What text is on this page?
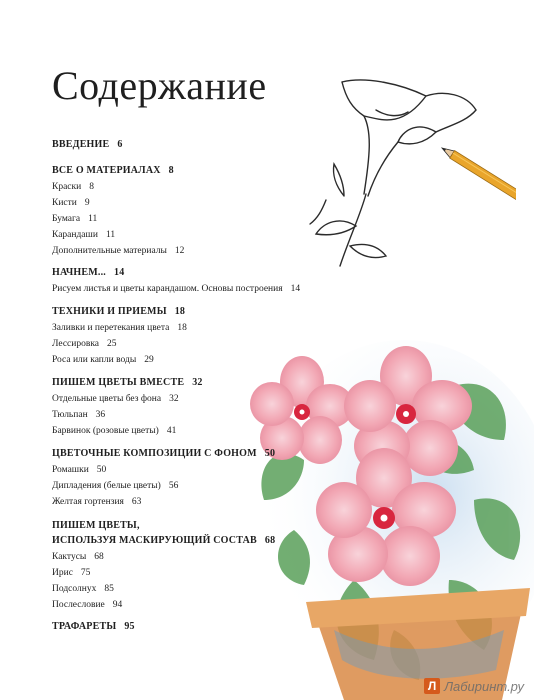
Содержание
ВВЕДЕНИЕ 6
ВСЕ О МАТЕРИАЛАХ 8
Краски 8
Кисти 9
Бумага 11
Карандаши 11
Дополнительные материалы 12
НАЧНЕМ... 14
Рисуем листья и цветы карандашом. Основы построения 14
ТЕХНИКИ И ПРИЕМЫ 18
Заливки и перетекания цвета 18
Лессировка 25
Роса или капли воды 29
ПИШЕМ ЦВЕТЫ ВМЕСТЕ 32
Отдельные цветы без фона 32
Тюльпан 36
Барвинок (розовые цветы) 41
ЦВЕТОЧНЫЕ КОМПОЗИЦИИ С ФОНОМ 50
Ромашки 50
Дипладения (белые цветы) 56
Желтая гортензия 63
ПИШЕМ ЦВЕТЫ,
ИСПОЛЬЗУЯ МАСКИРУЮЩИЙ СОСТАВ 68
Кактусы 68
Ирис 75
Подсолнух 85
Послесловие 94
ТРАФАРЕТЫ 95
Л Лабиринт.ру
